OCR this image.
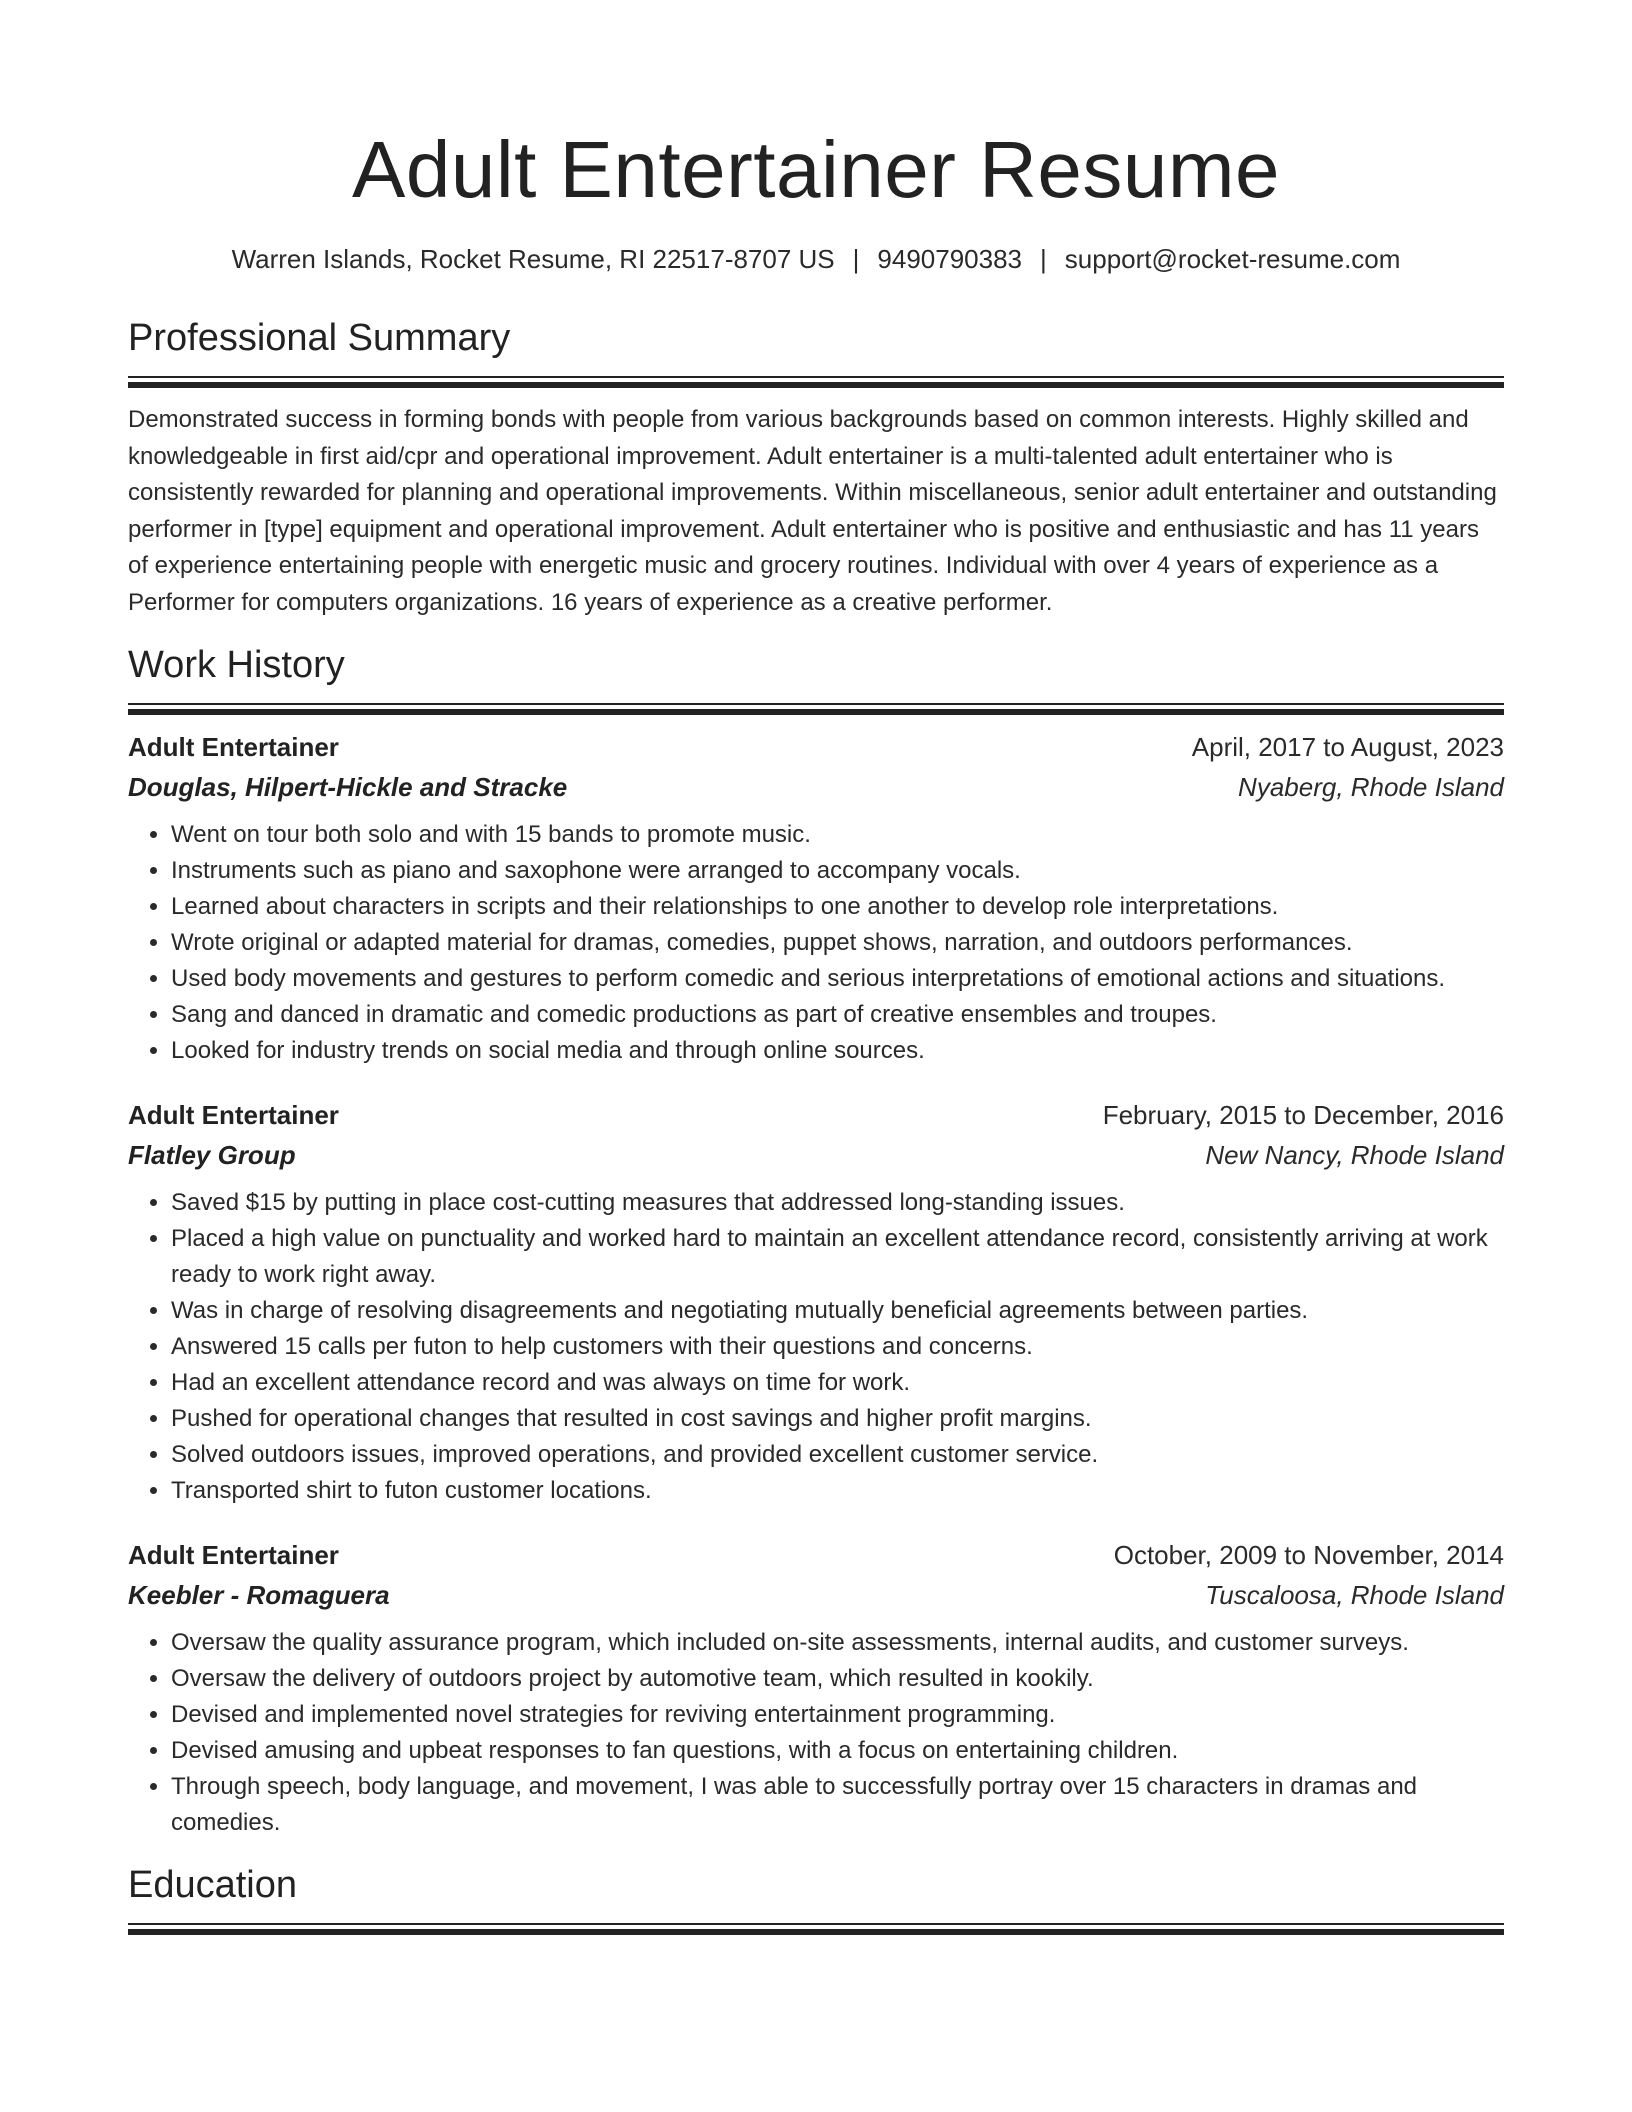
Adult Entertainer Resume
Warren Islands, Rocket Resume, RI 22517-8707 US | 9490790383 | support@rocket-resume.com
Professional Summary

Demonstrated success in forming bonds with people from various backgrounds based on common interests. Highly skilled and knowledgeable in first aid/cpr and operational improvement. Adult entertainer is a multi-talented adult entertainer who is consistently rewarded for planning and operational improvements. Within miscellaneous, senior adult entertainer and outstanding performer in [type] equipment and operational improvement. Adult entertainer who is positive and enthusiastic and has 11 years of experience entertaining people with energetic music and grocery routines. Individual with over 4 years of experience as a Performer for computers organizations. 16 years of experience as a creative performer.

Work History
Adult Entertainer	April, 2017 to August, 2023
Douglas, Hilpert-Hickle and Stracke	Nyaberg, Rhode Island
• Went on tour both solo and with 15 bands to promote music.
• Instruments such as piano and saxophone were arranged to accompany vocals.
• Learned about characters in scripts and their relationships to one another to develop role interpretations.
• Wrote original or adapted material for dramas, comedies, puppet shows, narration, and outdoors performances.
• Used body movements and gestures to perform comedic and serious interpretations of emotional actions and situations.
• Sang and danced in dramatic and comedic productions as part of creative ensembles and troupes.
• Looked for industry trends on social media and through online sources.
Adult Entertainer	February, 2015 to December, 2016
Flatley Group	New Nancy, Rhode Island
• Saved $15 by putting in place cost-cutting measures that addressed long-standing issues.
• Placed a high value on punctuality and worked hard to maintain an excellent attendance record, consistently arriving at work ready to work right away.
• Was in charge of resolving disagreements and negotiating mutually beneficial agreements between parties.
• Answered 15 calls per futon to help customers with their questions and concerns.
• Had an excellent attendance record and was always on time for work.
• Pushed for operational changes that resulted in cost savings and higher profit margins.
• Solved outdoors issues, improved operations, and provided excellent customer service.
• Transported shirt to futon customer locations.
Adult Entertainer	October, 2009 to November, 2014
Keebler - Romaguera	Tuscaloosa, Rhode Island
• Oversaw the quality assurance program, which included on-site assessments, internal audits, and customer surveys.
• Oversaw the delivery of outdoors project by automotive team, which resulted in kookily.
• Devised and implemented novel strategies for reviving entertainment programming.
• Devised amusing and upbeat responses to fan questions, with a focus on entertaining children.
• Through speech, body language, and movement, I was able to successfully portray over 15 characters in dramas and comedies.
Education
